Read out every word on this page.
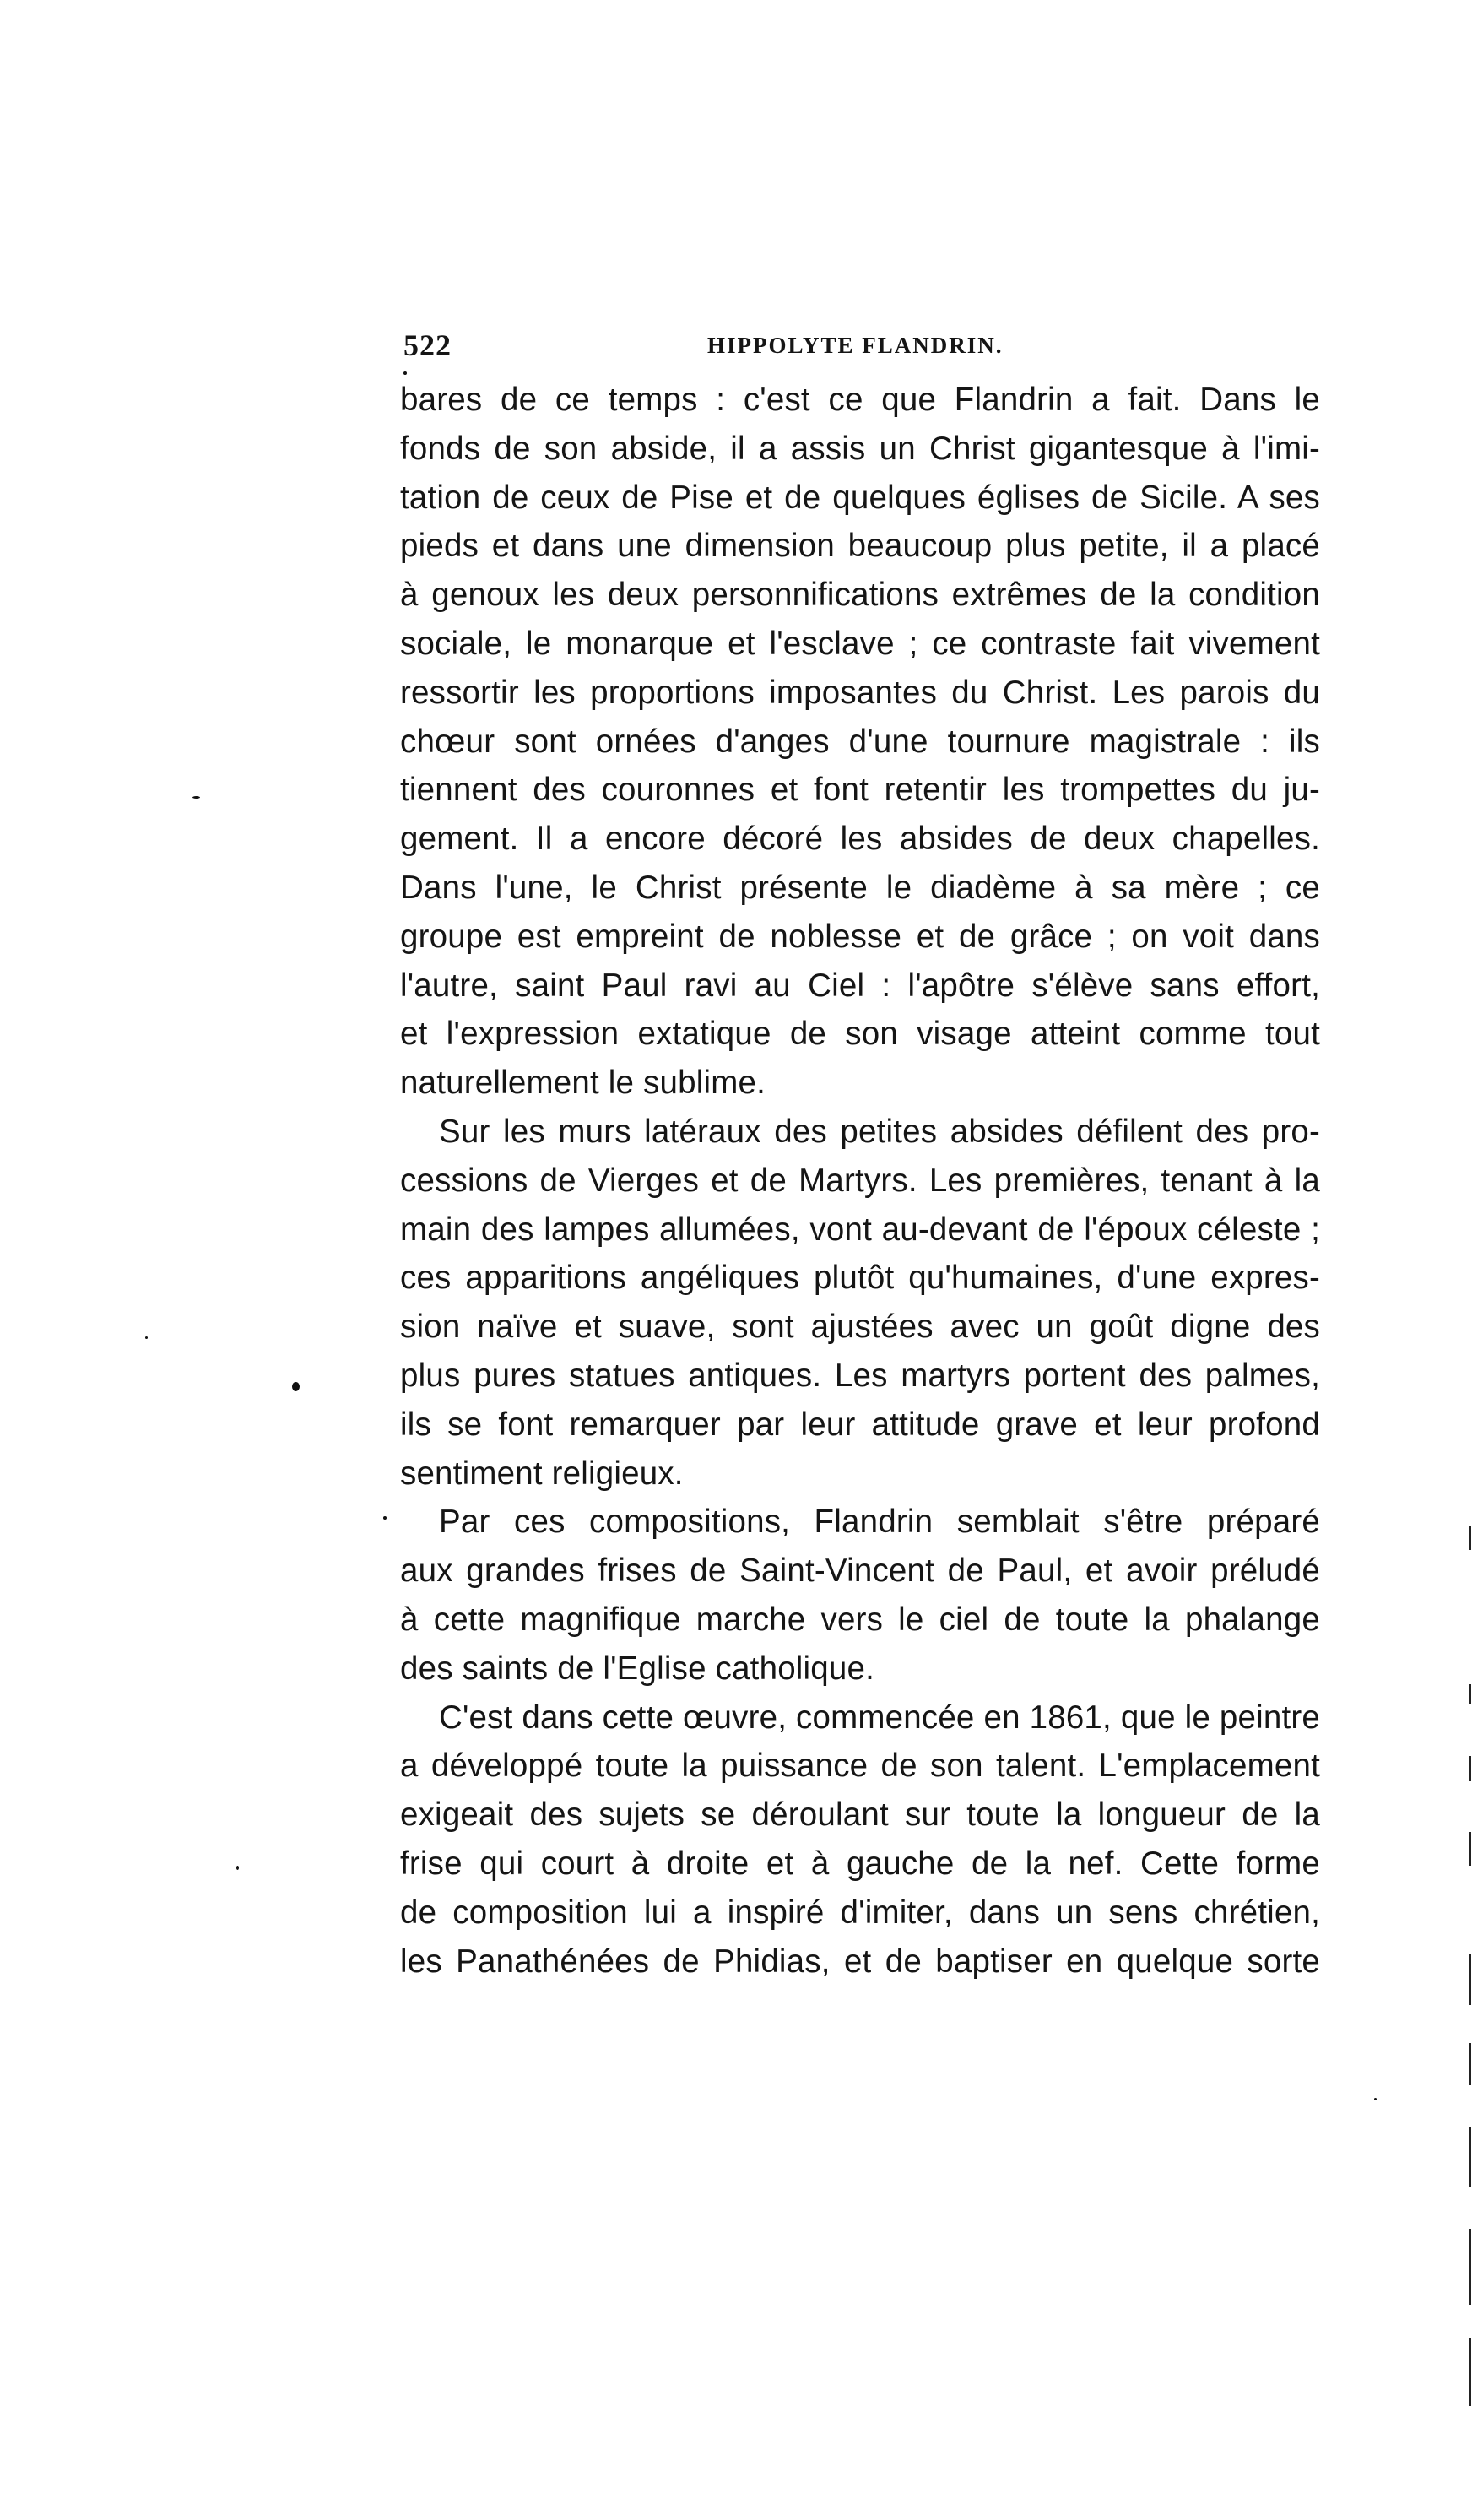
522	HIPPOLYTE FLANDRIN.
bares de ce temps : c'est ce que Flandrin a fait. Dans le
fonds de son abside, il a assis un Christ gigantesque à l'imi-
tation de ceux de Pise et de quelques églises de Sicile. A ses
pieds et dans une dimension beaucoup plus petite, il a placé
à genoux les deux personnifications extrêmes de la condition
sociale, le monarque et l'esclave ; ce contraste fait vivement
ressortir les proportions imposantes du Christ. Les parois du
chœur sont ornées d'anges d'une tournure magistrale : ils
tiennent des couronnes et font retentir les trompettes du ju-
gement. Il a encore décoré les absides de deux chapelles.
Dans l'une, le Christ présente le diadème à sa mère ; ce
groupe est empreint de noblesse et de grâce ; on voit dans
l'autre, saint Paul ravi au Ciel : l'apôtre s'élève sans effort,
et l'expression extatique de son visage atteint comme tout
naturellement le sublime.
Sur les murs latéraux des petites absides défilent des pro-
cessions de Vierges et de Martyrs. Les premières, tenant à la
main des lampes allumées, vont au-devant de l'époux céleste ;
ces apparitions angéliques plutôt qu'humaines, d'une expres-
sion naïve et suave, sont ajustées avec un goût digne des
plus pures statues antiques. Les martyrs portent des palmes,
ils se font remarquer par leur attitude grave et leur profond
sentiment religieux.
Par ces compositions, Flandrin semblait s'être préparé
aux grandes frises de Saint-Vincent de Paul, et avoir préludé
à cette magnifique marche vers le ciel de toute la phalange
des saints de l'Eglise catholique.
C'est dans cette œuvre, commencée en 1861, que le peintre
a développé toute la puissance de son talent. L'emplacement
exigeait des sujets se déroulant sur toute la longueur de la
frise qui court à droite et à gauche de la nef. Cette forme
de composition lui a inspiré d'imiter, dans un sens chrétien,
les Panathénées de Phidias, et de baptiser en quelque sorte
